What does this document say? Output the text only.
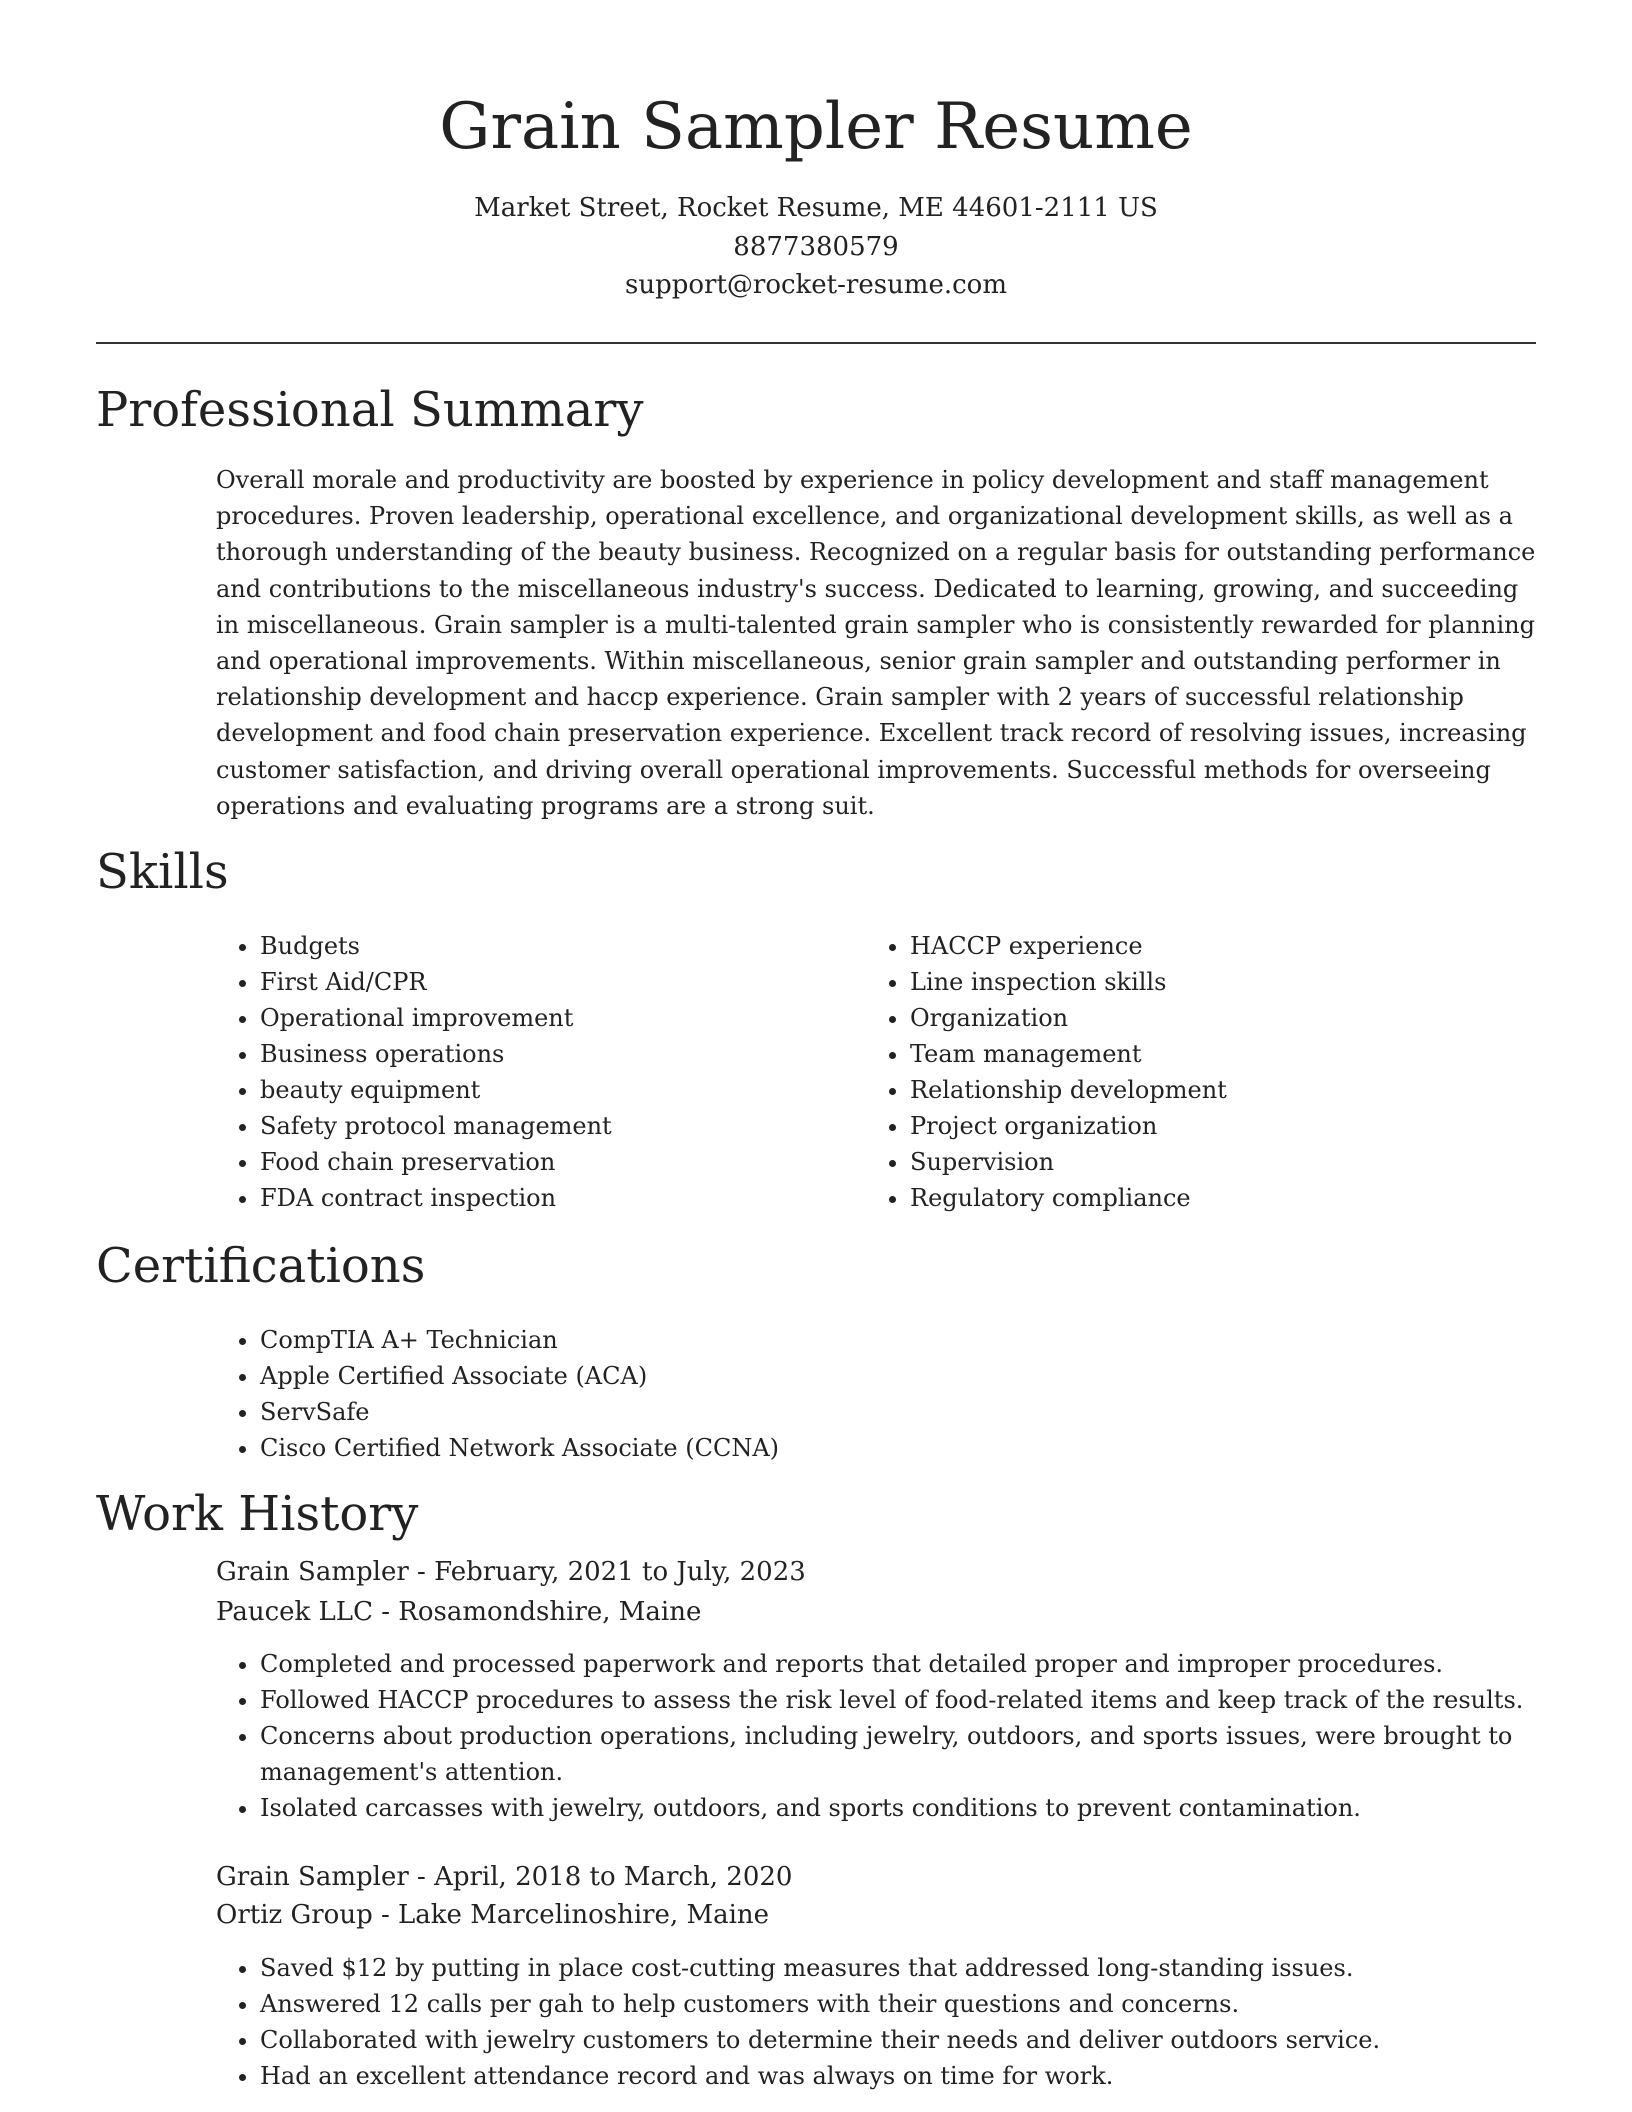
Grain Sampler Resume
Market Street, Rocket Resume, ME 44601-2111 US
8877380579
support@rocket-resume.com
Professional Summary

Overall morale and productivity are boosted by experience in policy development and staff management procedures. Proven leadership, operational excellence, and organizational development skills, as well as a thorough understanding of the beauty business. Recognized on a regular basis for outstanding performance and contributions to the miscellaneous industry's success. Dedicated to learning, growing, and succeeding in miscellaneous. Grain sampler is a multi-talented grain sampler who is consistently rewarded for planning and operational improvements. Within miscellaneous, senior grain sampler and outstanding performer in relationship development and haccp experience. Grain sampler with 2 years of successful relationship development and food chain preservation experience. Excellent track record of resolving issues, increasing customer satisfaction, and driving overall operational improvements. Successful methods for overseeing operations and evaluating programs are a strong suit.

Skills
• Budgets
• First Aid/CPR
• Operational improvement
• Business operations
• beauty equipment
• Safety protocol management
• Food chain preservation
• FDA contract inspection
• HACCP experience
• Line inspection skills
• Organization
• Team management
• Relationship development
• Project organization
• Supervision
• Regulatory compliance
Certifications
• CompTIA A+ Technician
• Apple Certified Associate (ACA)
• ServSafe
• Cisco Certified Network Associate (CCNA)
Work History
Grain Sampler - February, 2021 to July, 2023
Paucek LLC - Rosamondshire, Maine
• Completed and processed paperwork and reports that detailed proper and improper procedures.
• Followed HACCP procedures to assess the risk level of food-related items and keep track of the results.
• Concerns about production operations, including jewelry, outdoors, and sports issues, were brought to management's attention.
• Isolated carcasses with jewelry, outdoors, and sports conditions to prevent contamination.
Grain Sampler - April, 2018 to March, 2020
Ortiz Group - Lake Marcelinoshire, Maine
• Saved $12 by putting in place cost-cutting measures that addressed long-standing issues.
• Answered 12 calls per gah to help customers with their questions and concerns.
• Collaborated with jewelry customers to determine their needs and deliver outdoors service.
• Had an excellent attendance record and was always on time for work.
